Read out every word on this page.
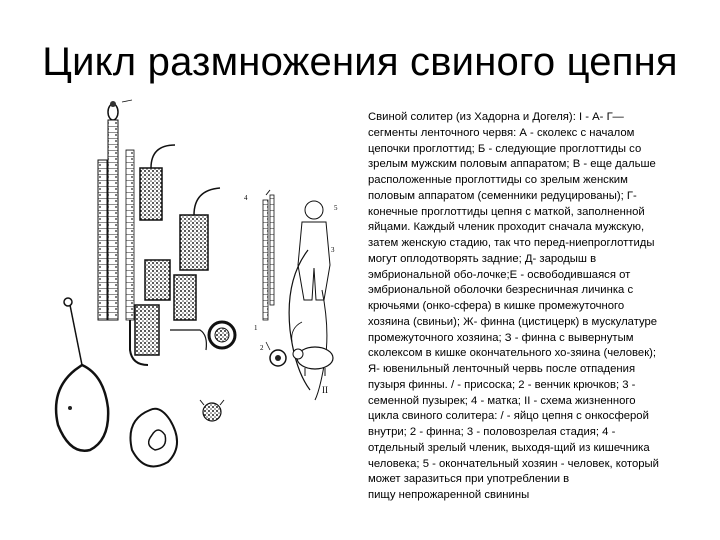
Цикл размножения свиного цепня
II
1
2
3
4
5
Свиной солитер (из Хадорна и Догеля): I - А- Г—
сегменты ленточного червя: А - сколекс с началом
цепочки проглоттид; Б - следующие проглоттиды со
зрелым мужским половым аппаратом; В - еще дальше
расположенные проглоттиды со зрелым женским
половым аппаратом (семенники редуцированы); Г-
конечные проглоттиды цепня с маткой, заполненной
яйцами. Каждый членик проходит сначала мужскую,
затем женскую стадию, так что перед-ниепроглоттиды
могут оплодотворять задние; Д- зародыш в
эмбриональной обо-лочке;Е - освободившаяся от
эмбриональной оболочки безресничная личинка с
крючьями (онко-сфера) в кишке промежуточного
хозяина (свиньи); Ж- финна (цистицерк) в мускулатуре
промежуточного хозяина; З - финна с вывернутым
сколексом в кишке окончательного хо-зяина (человек);
Я- ювенильный ленточный червь после отпадения
пузыря финны. / - присоска; 2 - венчик крючков; 3 -
семенной пузырек; 4 - матка; II - схема жизненного
цикла свиного солитера: / - яйцо цепня с онкосферой
внутри; 2 - финна; 3 - половозрелая стадия; 4 -
отдельный зрелый членик, выходя-щий из кишечника
человека; 5 - окончательный хозяин - человек, который
может заразиться при употреблении в
пищу непрожаренной свинины
